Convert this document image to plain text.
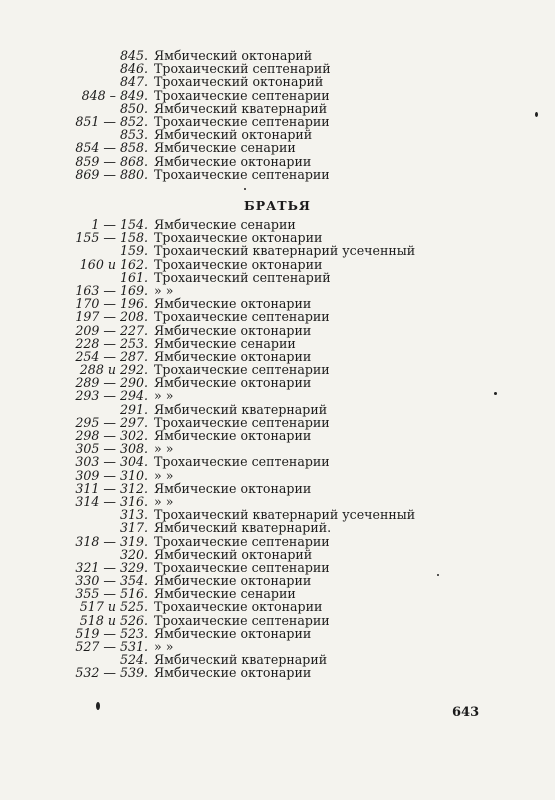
845. Ямбический октонарий
846. Трохаический септенарий
847. Трохаический октонарий
848 – 849. Трохаические септенарии
850. Ямбический кватернарий
851 — 852. Трохаические септенарии
853. Ямбический октонарий
854 — 858. Ямбические сенарии
859 — 868. Ямбические октонарии
869 — 880. Трохаические септенарии
БРАТЬЯ
1 — 154. Ямбические сенарии
155 — 158. Трохаические октонарии
159. Трохаический кватернарий усеченный
160 и 162. Трохаические октонарии
161. Трохаический септенарий
163 — 169. » »
170 — 196. Ямбические октонарии
197 — 208. Трохаические септенарии
209 — 227. Ямбические октонарии
228 — 253. Ямбические сенарии
254 — 287. Ямбические октонарии
288 и 292. Трохаические септенарии
289 — 290. Ямбические октонарии
293 — 294. » »
291. Ямбический кватернарий
295 — 297. Трохаические септенарии
298 — 302. Ямбические октонарии
305 — 308. » »
303 — 304. Трохаические септенарии
309 — 310. » »
311 — 312. Ямбические октонарии
314 — 316. » »
313. Трохаический кватернарий усеченный
317. Ямбический кватернарий.
318 — 319. Трохаические септенарии
320. Ямбический октонарий
321 — 329. Трохаические септенарии
330 — 354. Ямбические октонарии
355 — 516. Ямбические сенарии
517 и 525. Трохаические октонарии
518 и 526. Трохаические септенарии
519 — 523. Ямбические октонарии
527 — 531. » »
524. Ямбический кватернарий
532 — 539. Ямбические октонарии
643
